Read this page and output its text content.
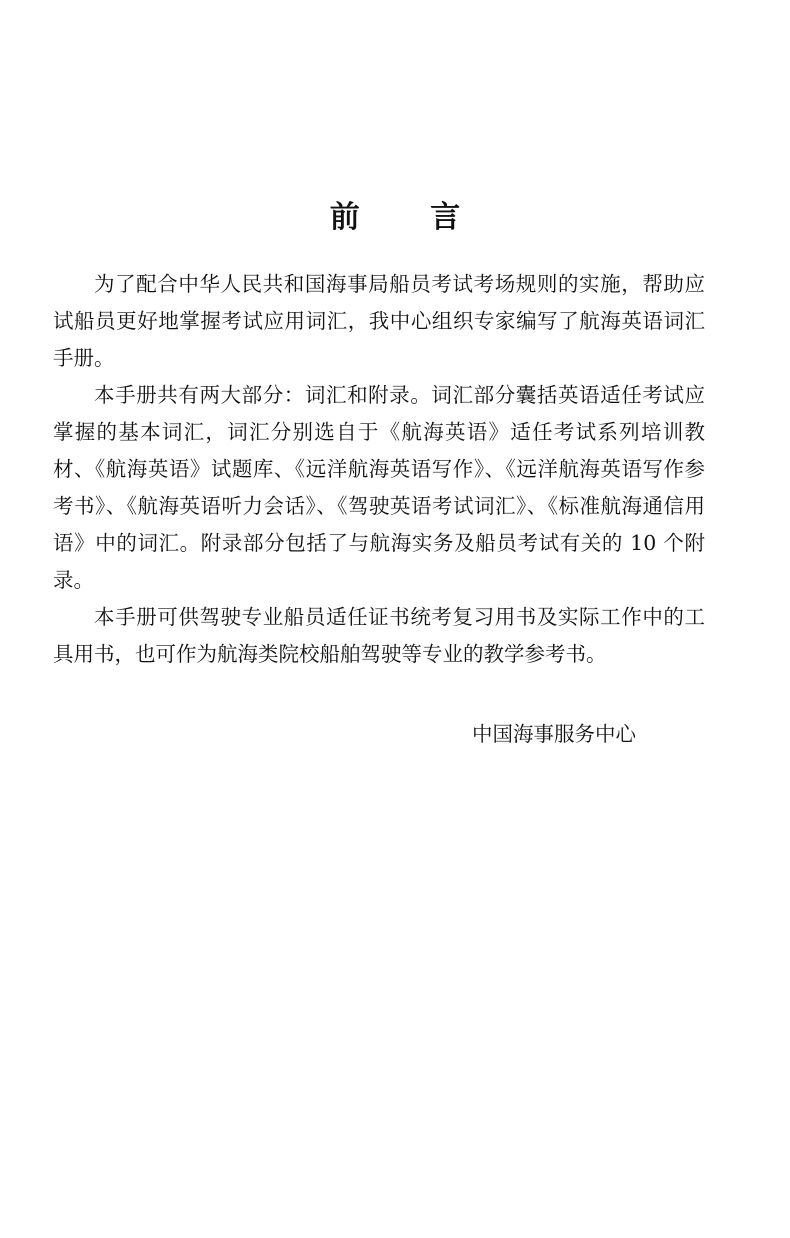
前 言

为了配合中华人民共和国海事局船员考试考场规则的实施，帮助应试船员更好地掌握考试应用词汇，我中心组织专家编写了航海英语词汇手册。

本手册共有两大部分：词汇和附录。词汇部分囊括英语适任考试应掌握的基本词汇，词汇分别选自于《航海英语》适任考试系列培训教材、《航海英语》试题库、《远洋航海英语写作》、《远洋航海英语写作参考书》、《航海英语听力会话》、《驾驶英语考试词汇》、《标准航海通信用语》中的词汇。附录部分包括了与航海实务及船员考试有关的 10 个附录。

本手册可供驾驶专业船员适任证书统考复习用书及实际工作中的工具用书，也可作为航海类院校船舶驾驶等专业的教学参考书。

中国海事服务中心
